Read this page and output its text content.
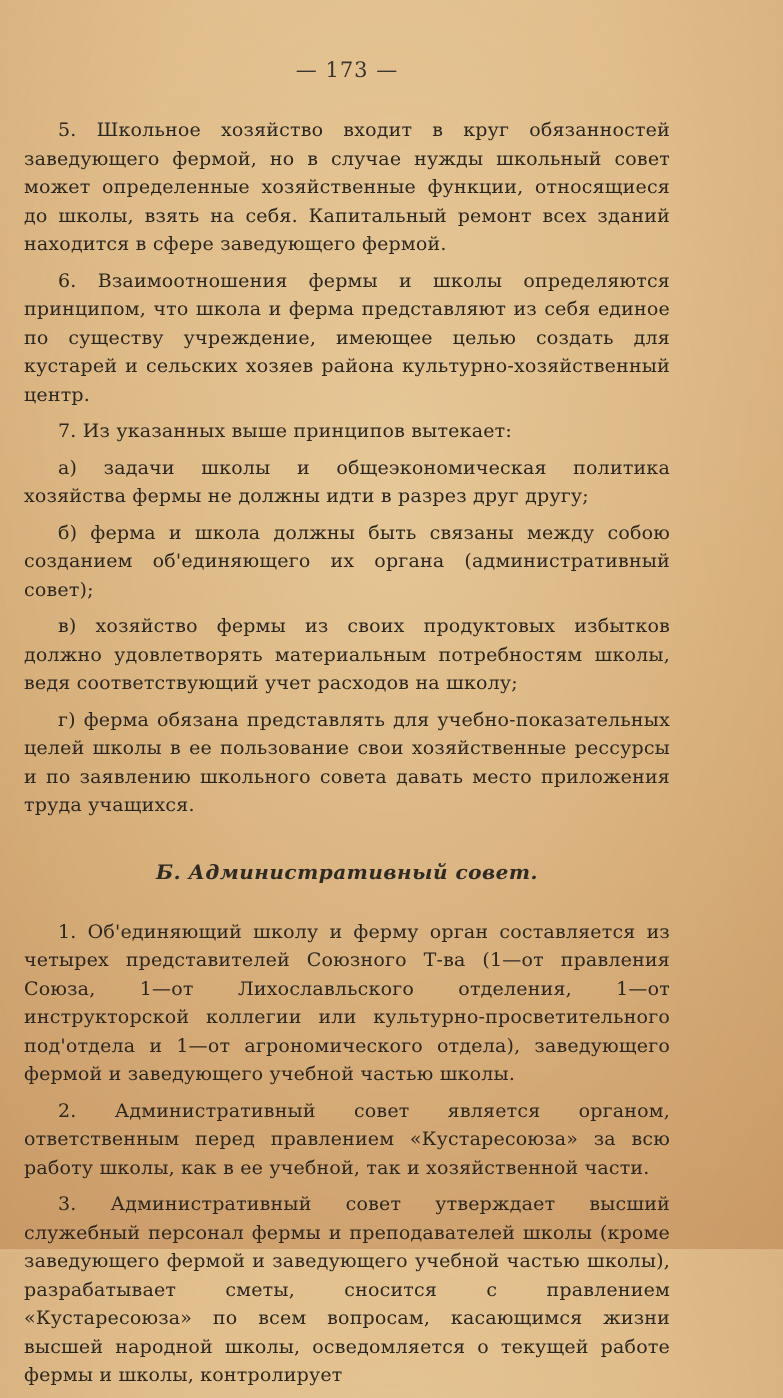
— 173 —

5. Школьное хозяйство входит в круг обязанностей заведующего фермой, но в случае нужды школьный совет может определенные хозяйственные функции, относящиеся до школы, взять на себя. Капитальный ремонт всех зданий находится в сфере заведующего фермой.

6. Взаимоотношения фермы и школы определяются принципом, что школа и ферма представляют из себя единое по существу учреждение, имеющее целью создать для кустарей и сельских хозяев района культурно-хозяйственный центр.

7. Из указанных выше принципов вытекает:

а) задачи школы и общеэкономическая политика хозяйства фермы не должны идти в разрез друг другу;

б) ферма и школа должны быть связаны между собою созданием об'единяющего их органа (административный совет);

в) хозяйство фермы из своих продуктовых избытков должно удовлетворять материальным потребностям школы, ведя соответствующий учет расходов на школу;

г) ферма обязана представлять для учебно-показательных целей школы в ее пользование свои хозяйственные рессурсы и по заявлению школьного совета давать место приложения труда учащихся.

Б. Административный совет.

1. Об'единяющий школу и ферму орган составляется из четырех представителей Союзного Т-ва (1—от правления Союза, 1—от Лихославльского отделения, 1—от инструкторской коллегии или культурно-просветительного под'отдела и 1—от агрономического отдела), заведующего фермой и заведующего учебной частью школы.

2. Административный совет является органом, ответственным перед правлением «Кустаресоюза» за всю работу школы, как в ее учебной, так и хозяйственной части.

3. Административный совет утверждает высший служебный персонал фермы и преподавателей школы (кроме заведующего фермой и заведующего учебной частью школы), разрабатывает сметы, сносится с правлением «Кустаресоюза» по всем вопросам, касающимся жизни высшей народной школы, осведомляется о текущей работе фермы и школы, контролирует
